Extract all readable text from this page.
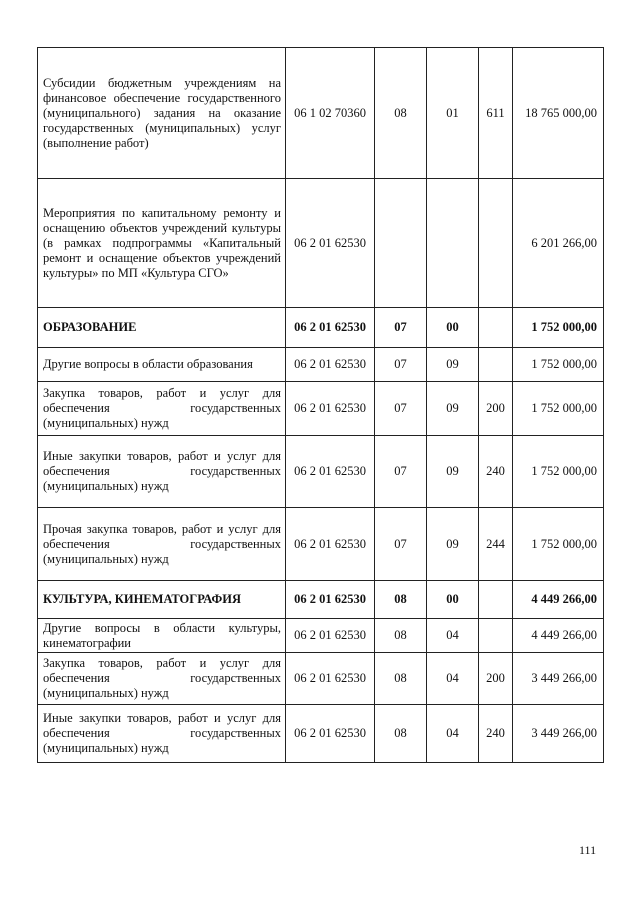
Субсидии бюджетным учреждениям на финансовое обеспечение государственного (муниципального) задания на оказание государственных (муниципальных) услуг (выполнение работ)	06 1 02 70360	08	01	611	18 765 000,00
Мероприятия по капитальному ремонту и оснащению объектов учреждений культуры (в рамках подпрограммы «Капитальный ремонт и оснащение объектов учреждений культуры» по МП «Культура СГО»	06 2 01 62530				6 201 266,00
ОБРАЗОВАНИЕ	06 2 01 62530	07	00		1 752 000,00
Другие вопросы в области образования	06 2 01 62530	07	09		1 752 000,00
Закупка товаров, работ и услуг для обеспечения государственных (муниципальных) нужд	06 2 01 62530	07	09	200	1 752 000,00
Иные закупки товаров, работ и услуг для обеспечения государственных (муниципальных) нужд	06 2 01 62530	07	09	240	1 752 000,00
Прочая закупка товаров, работ и услуг для обеспечения государственных (муниципальных) нужд	06 2 01 62530	07	09	244	1 752 000,00
КУЛЬТУРА, КИНЕМАТОГРАФИЯ	06 2 01 62530	08	00		4 449 266,00
Другие вопросы в области культуры, кинематографии	06 2 01 62530	08	04		4 449 266,00
Закупка товаров, работ и услуг для обеспечения государственных (муниципальных) нужд	06 2 01 62530	08	04	200	3 449 266,00
Иные закупки товаров, работ и услуг для обеспечения государственных (муниципальных) нужд	06 2 01 62530	08	04	240	3 449 266,00
111
